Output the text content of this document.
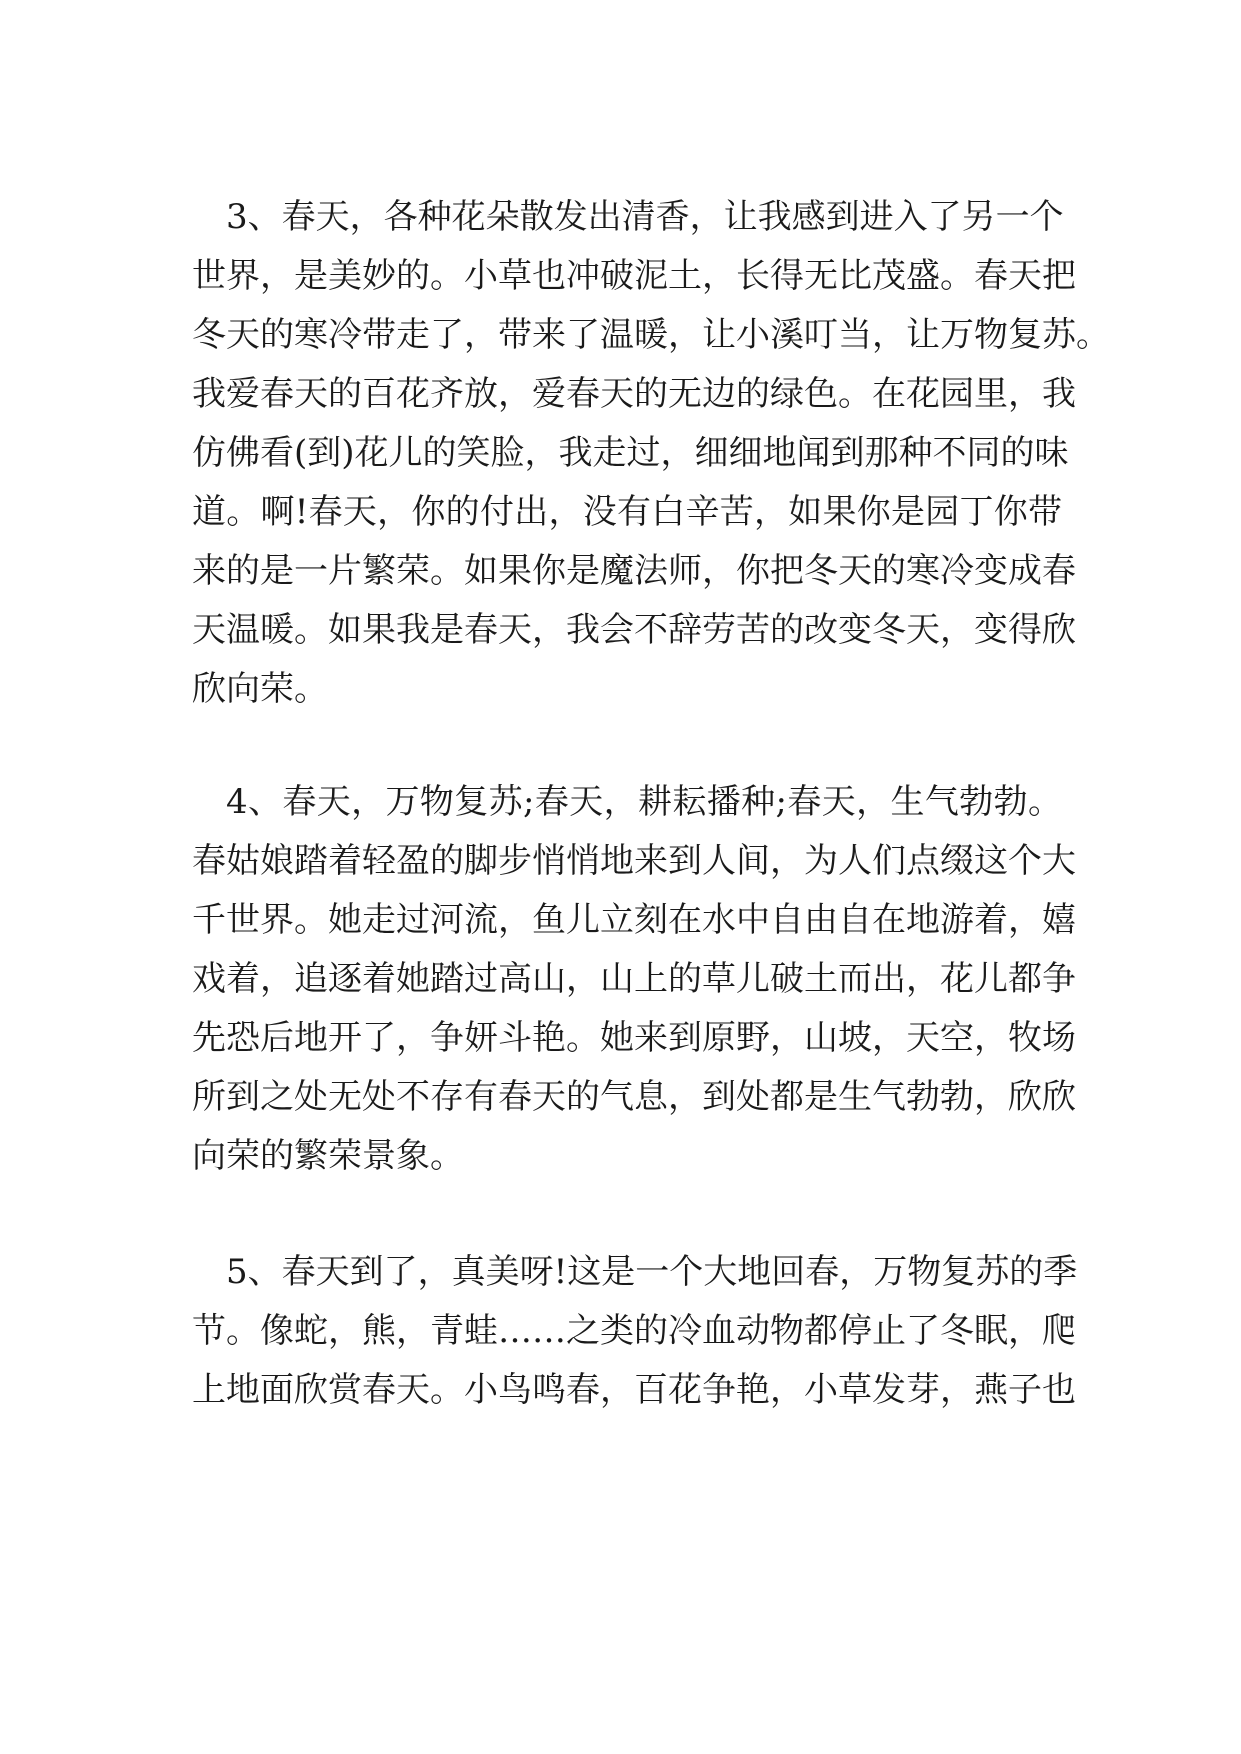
3、春天，各种花朵散发出清香，让我感到进入了另一个
世界，是美妙的。小草也冲破泥土，长得无比茂盛。春天把
冬天的寒冷带走了，带来了温暖，让小溪叮当，让万物复苏。
我爱春天的百花齐放，爱春天的无边的绿色。在花园里，我
仿佛看(到)花儿的笑脸，我走过，细细地闻到那种不同的味
道。啊!春天，你的付出，没有白辛苦，如果你是园丁你带
来的是一片繁荣。如果你是魔法师，你把冬天的寒冷变成春
天温暖。如果我是春天，我会不辞劳苦的改变冬天，变得欣
欣向荣。
4、春天，万物复苏;春天，耕耘播种;春天，生气勃勃。
春姑娘踏着轻盈的脚步悄悄地来到人间，为人们点缀这个大
千世界。她走过河流，鱼儿立刻在水中自由自在地游着，嬉
戏着，追逐着她踏过高山，山上的草儿破土而出，花儿都争
先恐后地开了，争妍斗艳。她来到原野，山坡，天空，牧场
所到之处无处不存有春天的气息，到处都是生气勃勃，欣欣
向荣的繁荣景象。
5、春天到了，真美呀!这是一个大地回春，万物复苏的季
节。像蛇，熊，青蛙……之类的冷血动物都停止了冬眠，爬
上地面欣赏春天。小鸟鸣春，百花争艳，小草发芽，燕子也
